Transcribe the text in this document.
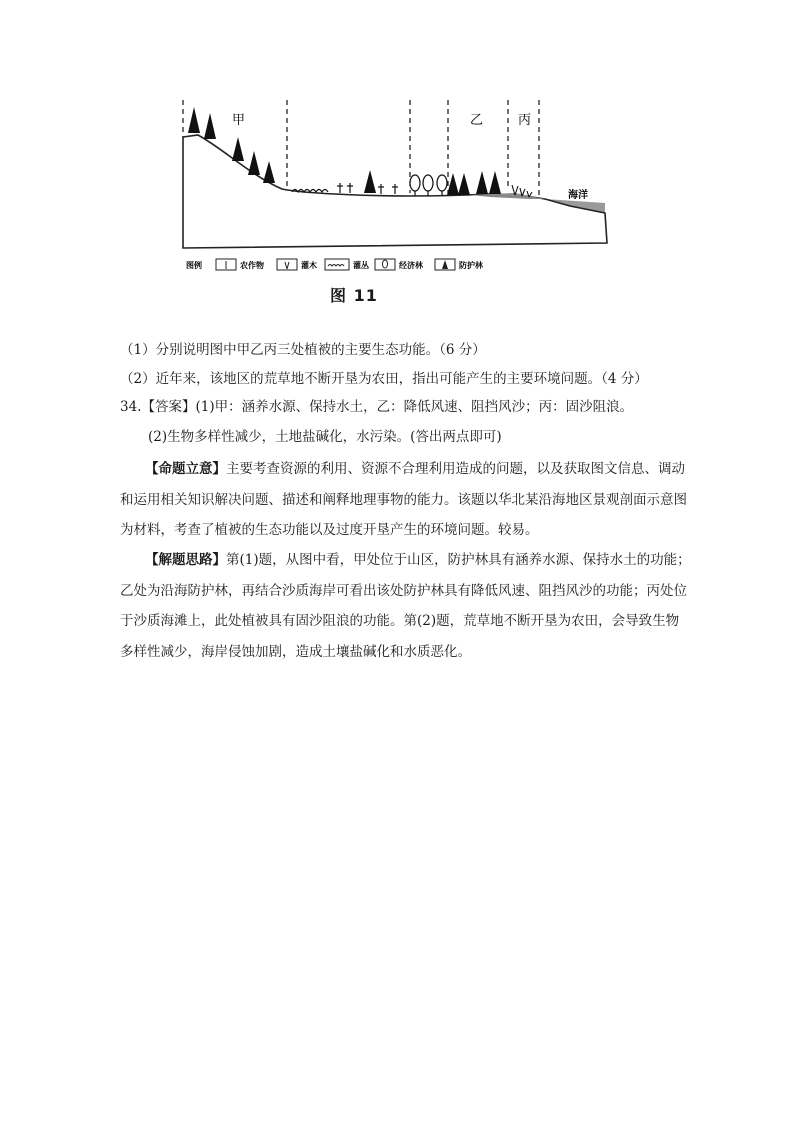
甲	乙	丙
海洋
图例	农作物	灌木	灌丛	经济林	防护林
图 11
（1）分别说明图中甲乙丙三处植被的主要生态功能。（6 分）
（2）近年来，该地区的荒草地不断开垦为农田，指出可能产生的主要环境问题。（4 分）
34.【答案】(1)甲：涵养水源、保持水土，乙：降低风速、阻挡风沙；丙：固沙阻浪。
(2)生物多样性减少，土地盐碱化，水污染。(答出两点即可)
【命题立意】主要考查资源的利用、资源不合理利用造成的问题，以及获取图文信息、调动和运用相关知识解决问题、描述和阐释地理事物的能力。该题以华北某沿海地区景观剖面示意图为材料，考查了植被的生态功能以及过度开垦产生的环境问题。较易。
【解题思路】第(1)题，从图中看，甲处位于山区，防护林具有涵养水源、保持水土的功能；乙处为沿海防护林，再结合沙质海岸可看出该处防护林具有降低风速、阻挡风沙的功能；丙处位于沙质海滩上，此处植被具有固沙阻浪的功能。第(2)题，荒草地不断开垦为农田，会导致生物多样性减少，海岸侵蚀加剧，造成土壤盐碱化和水质恶化。
